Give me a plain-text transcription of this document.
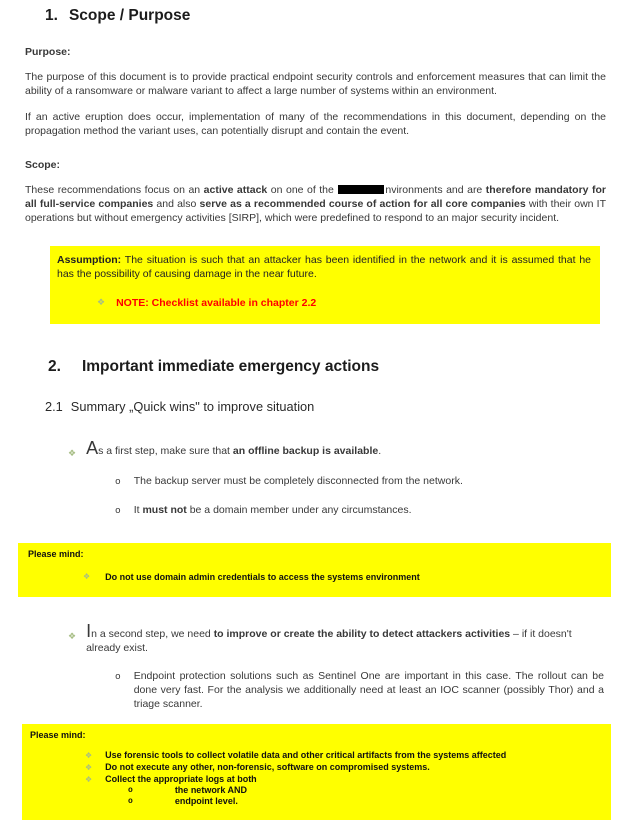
1. Scope / Purpose
Purpose:
The purpose of this document is to provide practical endpoint security controls and enforcement measures that can limit the ability of a ransomware or malware variant to affect a large number of systems within an environment.
If an active eruption does occur, implementation of many of the recommendations in this document, depending on the propagation method the variant uses, can potentially disrupt and contain the event.
Scope:
These recommendations focus on an active attack on one of the	nvironments and are therefore mandatory for all full-service companies and also serve as a recommended course of action for all core companies with their own IT operations but without emergency activities [SIRP], which were predefined to respond to an major security incident.
Assumption: The situation is such that an attacker has been identified in the network and it is assumed that he has the possibility of causing damage in the near future.
❖ NOTE: Checklist available in chapter 2.2
2. Important immediate emergency actions
2.1 Summary „Quick wins" to improve situation
❖ As a first step, make sure that an offline backup is available.
o The backup server must be completely disconnected from the network.
o It must not be a domain member under any circumstances.
Please mind:
❖ Do not use domain admin credentials to access the systems environment
❖ In a second step, we need to improve or create the ability to detect attackers activities – if it doesn't already exist.
o Endpoint protection solutions such as Sentinel One are important in this case. The rollout can be done very fast. For the analysis we additionally need at least an IOC scanner (possibly Thor) and a triage scanner.
Please mind:
❖ Use forensic tools to collect volatile data and other critical artifacts from the systems affected
❖ Do not execute any other, non-forensic, software on compromised systems.
❖ Collect the appropriate logs at both
o	the network AND
o	endpoint level.
